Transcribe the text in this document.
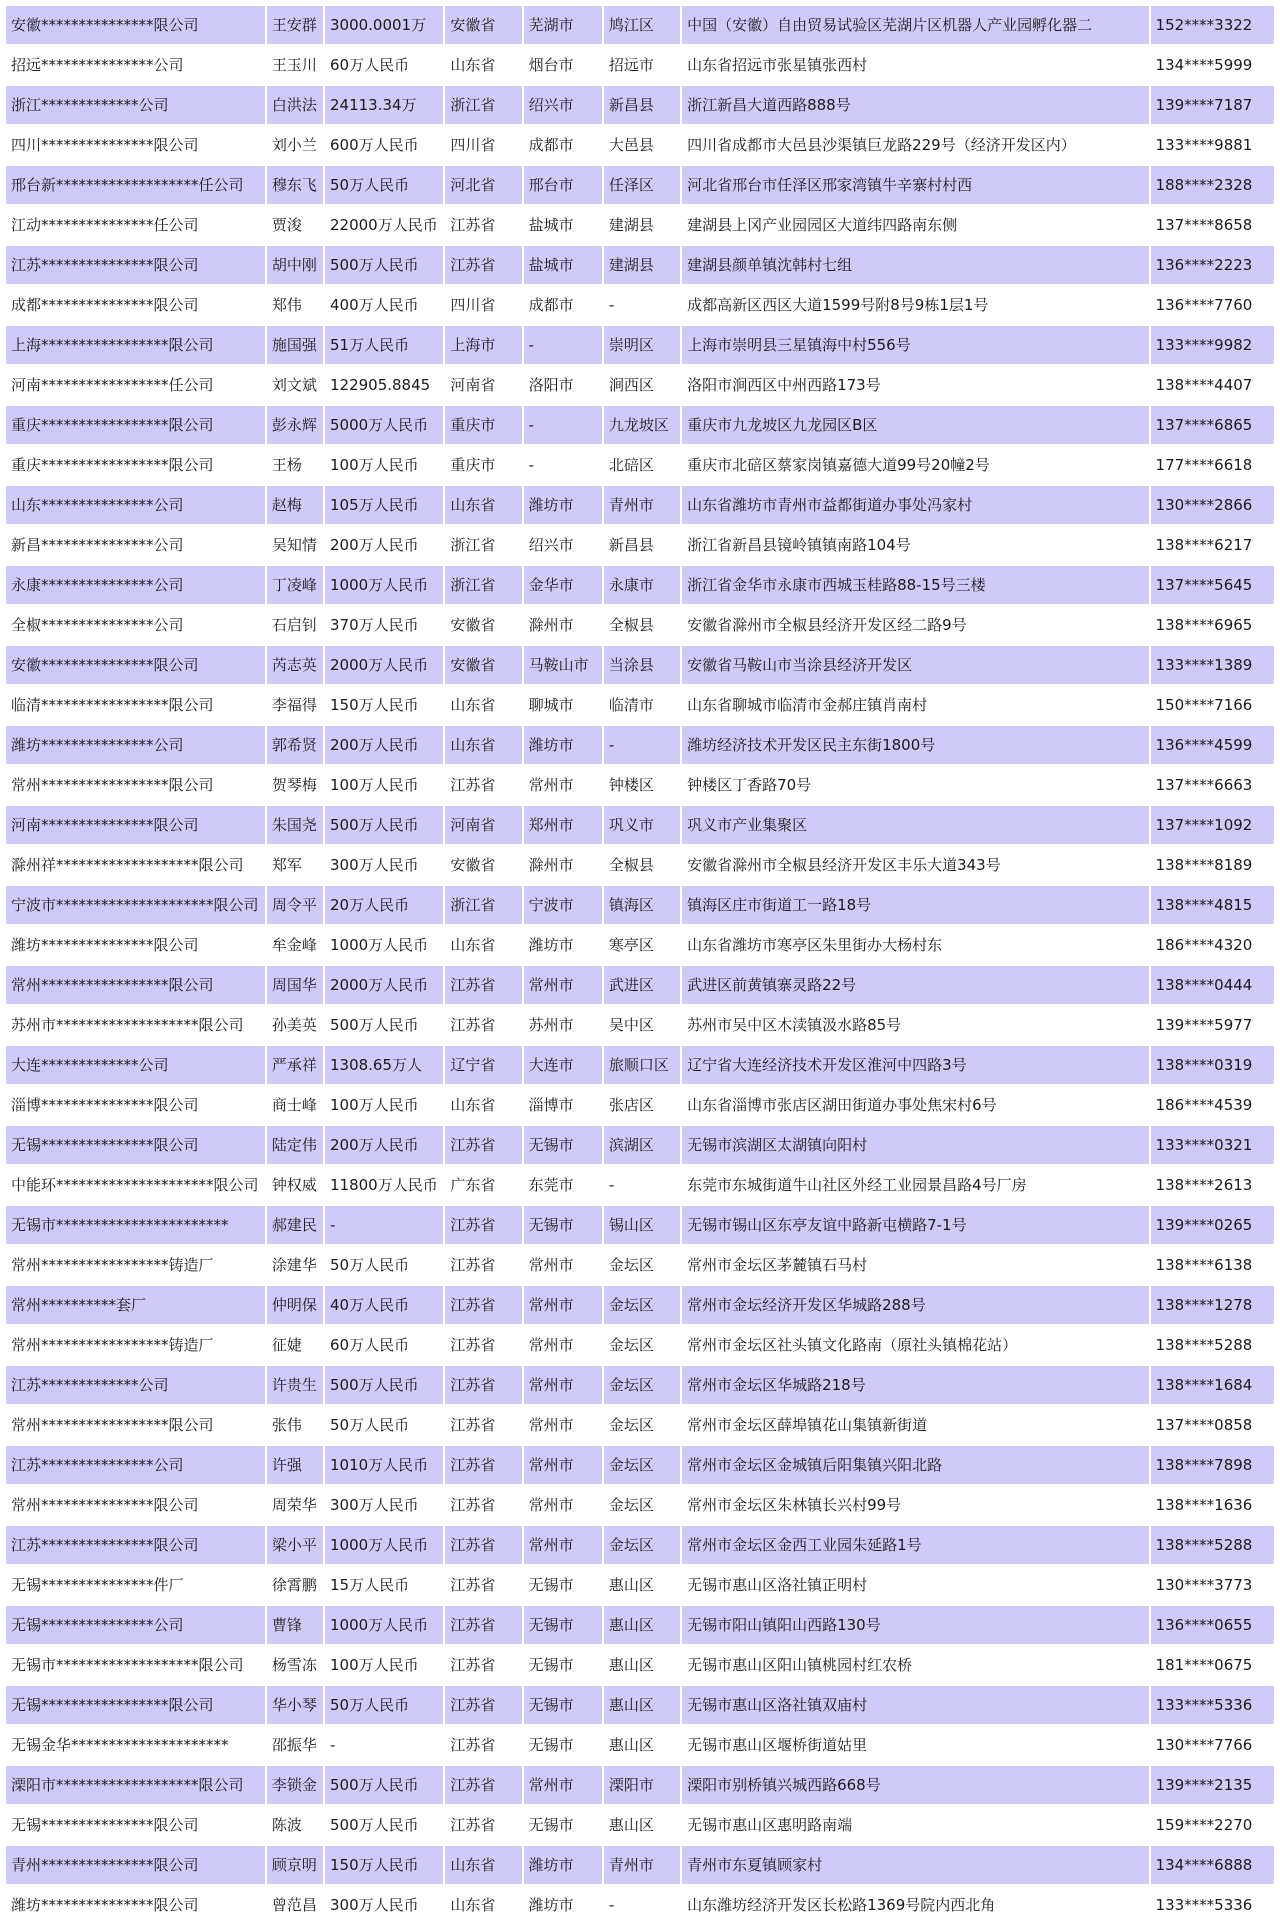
安徽***************限公司	王安群	3000.0001万	安徽省	芜湖市	鸠江区	中国（安徽）自由贸易试验区芜湖片区机器人产业园孵化器二	152****3322
招远***************公司	王玉川	60万人民币	山东省	烟台市	招远市	山东省招远市张星镇张西村	134****5999
浙江*************公司	白洪法	24113.34万	浙江省	绍兴市	新昌县	浙江新昌大道西路888号	139****7187
四川***************限公司	刘小兰	600万人民币	四川省	成都市	大邑县	四川省成都市大邑县沙渠镇巨龙路229号（经济开发区内）	133****9881
邢台新*******************任公司	穆东飞	50万人民币	河北省	邢台市	任泽区	河北省邢台市任泽区邢家湾镇牛辛寨村村西	188****2328
江动***************任公司	贾浚	22000万人民币	江苏省	盐城市	建湖县	建湖县上冈产业园园区大道纬四路南东侧	137****8658
江苏***************限公司	胡中刚	500万人民币	江苏省	盐城市	建湖县	建湖县颜单镇沈韩村七组	136****2223
成都***************限公司	郑伟	400万人民币	四川省	成都市	-	成都高新区西区大道1599号附8号9栋1层1号	136****7760
上海*****************限公司	施国强	51万人民币	上海市	-	崇明区	上海市崇明县三星镇海中村556号	133****9982
河南*****************任公司	刘文斌	122905.8845	河南省	洛阳市	涧西区	洛阳市涧西区中州西路173号	138****4407
重庆*****************限公司	彭永辉	5000万人民币	重庆市	-	九龙坡区	重庆市九龙坡区九龙园区B区	137****6865
重庆*****************限公司	王杨	100万人民币	重庆市	-	北碚区	重庆市北碚区蔡家岗镇嘉德大道99号20幢2号	177****6618
山东***************公司	赵梅	105万人民币	山东省	潍坊市	青州市	山东省潍坊市青州市益都街道办事处冯家村	130****2866
新昌***************公司	吴知情	200万人民币	浙江省	绍兴市	新昌县	浙江省新昌县镜岭镇镇南路104号	138****6217
永康***************公司	丁凌峰	1000万人民币	浙江省	金华市	永康市	浙江省金华市永康市西城玉桂路88-15号三楼	137****5645
全椒***************公司	石启钊	370万人民币	安徽省	滁州市	全椒县	安徽省滁州市全椒县经济开发区经二路9号	138****6965
安徽***************限公司	芮志英	2000万人民币	安徽省	马鞍山市	当涂县	安徽省马鞍山市当涂县经济开发区	133****1389
临清*****************限公司	李福得	150万人民币	山东省	聊城市	临清市	山东省聊城市临清市金郝庄镇肖南村	150****7166
潍坊***************公司	郭希贤	200万人民币	山东省	潍坊市	-	潍坊经济技术开发区民主东街1800号	136****4599
常州*****************限公司	贺琴梅	100万人民币	江苏省	常州市	钟楼区	钟楼区丁香路70号	137****6663
河南***************限公司	朱国尧	500万人民币	河南省	郑州市	巩义市	巩义市产业集聚区	137****1092
滁州祥*******************限公司	郑军	300万人民币	安徽省	滁州市	全椒县	安徽省滁州市全椒县经济开发区丰乐大道343号	138****8189
宁波市*********************限公司	周令平	20万人民币	浙江省	宁波市	镇海区	镇海区庄市街道工一路18号	138****4815
潍坊***************限公司	牟金峰	1000万人民币	山东省	潍坊市	寒亭区	山东省潍坊市寒亭区朱里街办大杨村东	186****4320
常州*****************限公司	周国华	2000万人民币	江苏省	常州市	武进区	武进区前黄镇寨灵路22号	138****0444
苏州市*******************限公司	孙美英	500万人民币	江苏省	苏州市	吴中区	苏州市吴中区木渎镇汲水路85号	139****5977
大连*************公司	严承祥	1308.65万人	辽宁省	大连市	旅顺口区	辽宁省大连经济技术开发区淮河中四路3号	138****0319
淄博***************限公司	商士峰	100万人民币	山东省	淄博市	张店区	山东省淄博市张店区湖田街道办事处焦宋村6号	186****4539
无锡***************限公司	陆定伟	200万人民币	江苏省	无锡市	滨湖区	无锡市滨湖区太湖镇向阳村	133****0321
中能环*********************限公司	钟权威	11800万人民币	广东省	东莞市	-	东莞市东城街道牛山社区外经工业园景昌路4号厂房	138****2613
无锡市***********************	郝建民	-	江苏省	无锡市	锡山区	无锡市锡山区东亭友谊中路新屯横路7-1号	139****0265
常州*****************铸造厂	涂建华	50万人民币	江苏省	常州市	金坛区	常州市金坛区茅麓镇石马村	138****6138
常州**********套厂	仲明保	40万人民币	江苏省	常州市	金坛区	常州市金坛经济开发区华城路288号	138****1278
常州*****************铸造厂	征婕	60万人民币	江苏省	常州市	金坛区	常州市金坛区社头镇文化路南（原社头镇棉花站）	138****5288
江苏*************公司	许贵生	500万人民币	江苏省	常州市	金坛区	常州市金坛区华城路218号	138****1684
常州*****************限公司	张伟	50万人民币	江苏省	常州市	金坛区	常州市金坛区薛埠镇花山集镇新街道	137****0858
江苏***************公司	许强	1010万人民币	江苏省	常州市	金坛区	常州市金坛区金城镇后阳集镇兴阳北路	138****7898
常州***************限公司	周荣华	300万人民币	江苏省	常州市	金坛区	常州市金坛区朱林镇长兴村99号	138****1636
江苏***************限公司	梁小平	1000万人民币	江苏省	常州市	金坛区	常州市金坛区金西工业园朱延路1号	138****5288
无锡***************件厂	徐霄鹏	15万人民币	江苏省	无锡市	惠山区	无锡市惠山区洛社镇正明村	130****3773
无锡***************公司	曹锋	1000万人民币	江苏省	无锡市	惠山区	无锡市阳山镇阳山西路130号	136****0655
无锡市*******************限公司	杨雪冻	100万人民币	江苏省	无锡市	惠山区	无锡市惠山区阳山镇桃园村红农桥	181****0675
无锡*****************限公司	华小琴	50万人民币	江苏省	无锡市	惠山区	无锡市惠山区洛社镇双庙村	133****5336
无锡金华*********************	邵振华	-	江苏省	无锡市	惠山区	无锡市惠山区堰桥街道姑里	130****7766
溧阳市*******************限公司	李锁金	500万人民币	江苏省	常州市	溧阳市	溧阳市别桥镇兴城西路668号	139****2135
无锡***************限公司	陈波	500万人民币	江苏省	无锡市	惠山区	无锡市惠山区惠明路南端	159****2270
青州***************限公司	顾京明	150万人民币	山东省	潍坊市	青州市	青州市东夏镇顾家村	134****6888
潍坊***************限公司	曾范昌	300万人民币	山东省	潍坊市	-	山东潍坊经济开发区长松路1369号院内西北角	133****5336
